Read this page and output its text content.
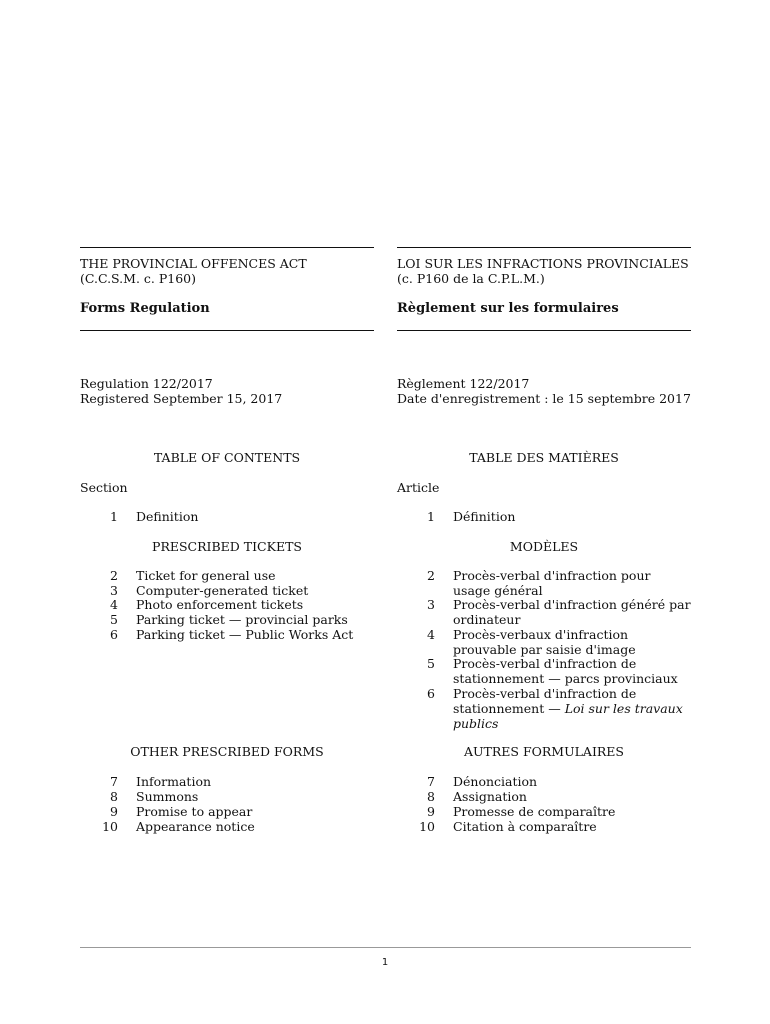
THE PROVINCIAL OFFENCES ACT
(C.C.S.M. c. P160)
Forms Regulation
Regulation 122/2017
Registered September 15, 2017
TABLE OF CONTENTS
Section
1 Definition
PRESCRIBED TICKETS
2 Ticket for general use
3 Computer-generated ticket
4 Photo enforcement tickets
5 Parking ticket — provincial parks
6 Parking ticket — Public Works Act
OTHER PRESCRIBED FORMS
7 Information
8 Summons
9 Promise to appear
10 Appearance notice
LOI SUR LES INFRACTIONS PROVINCIALES
(c. P160 de la C.P.L.M.)
Règlement sur les formulaires
Règlement 122/2017
Date d'enregistrement : le 15 septembre 2017
TABLE DES MATIÈRES
Article
1 Définition
MODÈLES
2 Procès-verbal d'infraction pour usage général
3 Procès-verbal d'infraction généré par ordinateur
4 Procès-verbaux d'infraction prouvable par saisie d'image
5 Procès-verbal d'infraction de stationnement — parcs provinciaux
6 Procès-verbal d'infraction de stationnement — Loi sur les travaux publics
AUTRES FORMULAIRES
7 Dénonciation
8 Assignation
9 Promesse de comparaître
10 Citation à comparaître
1
